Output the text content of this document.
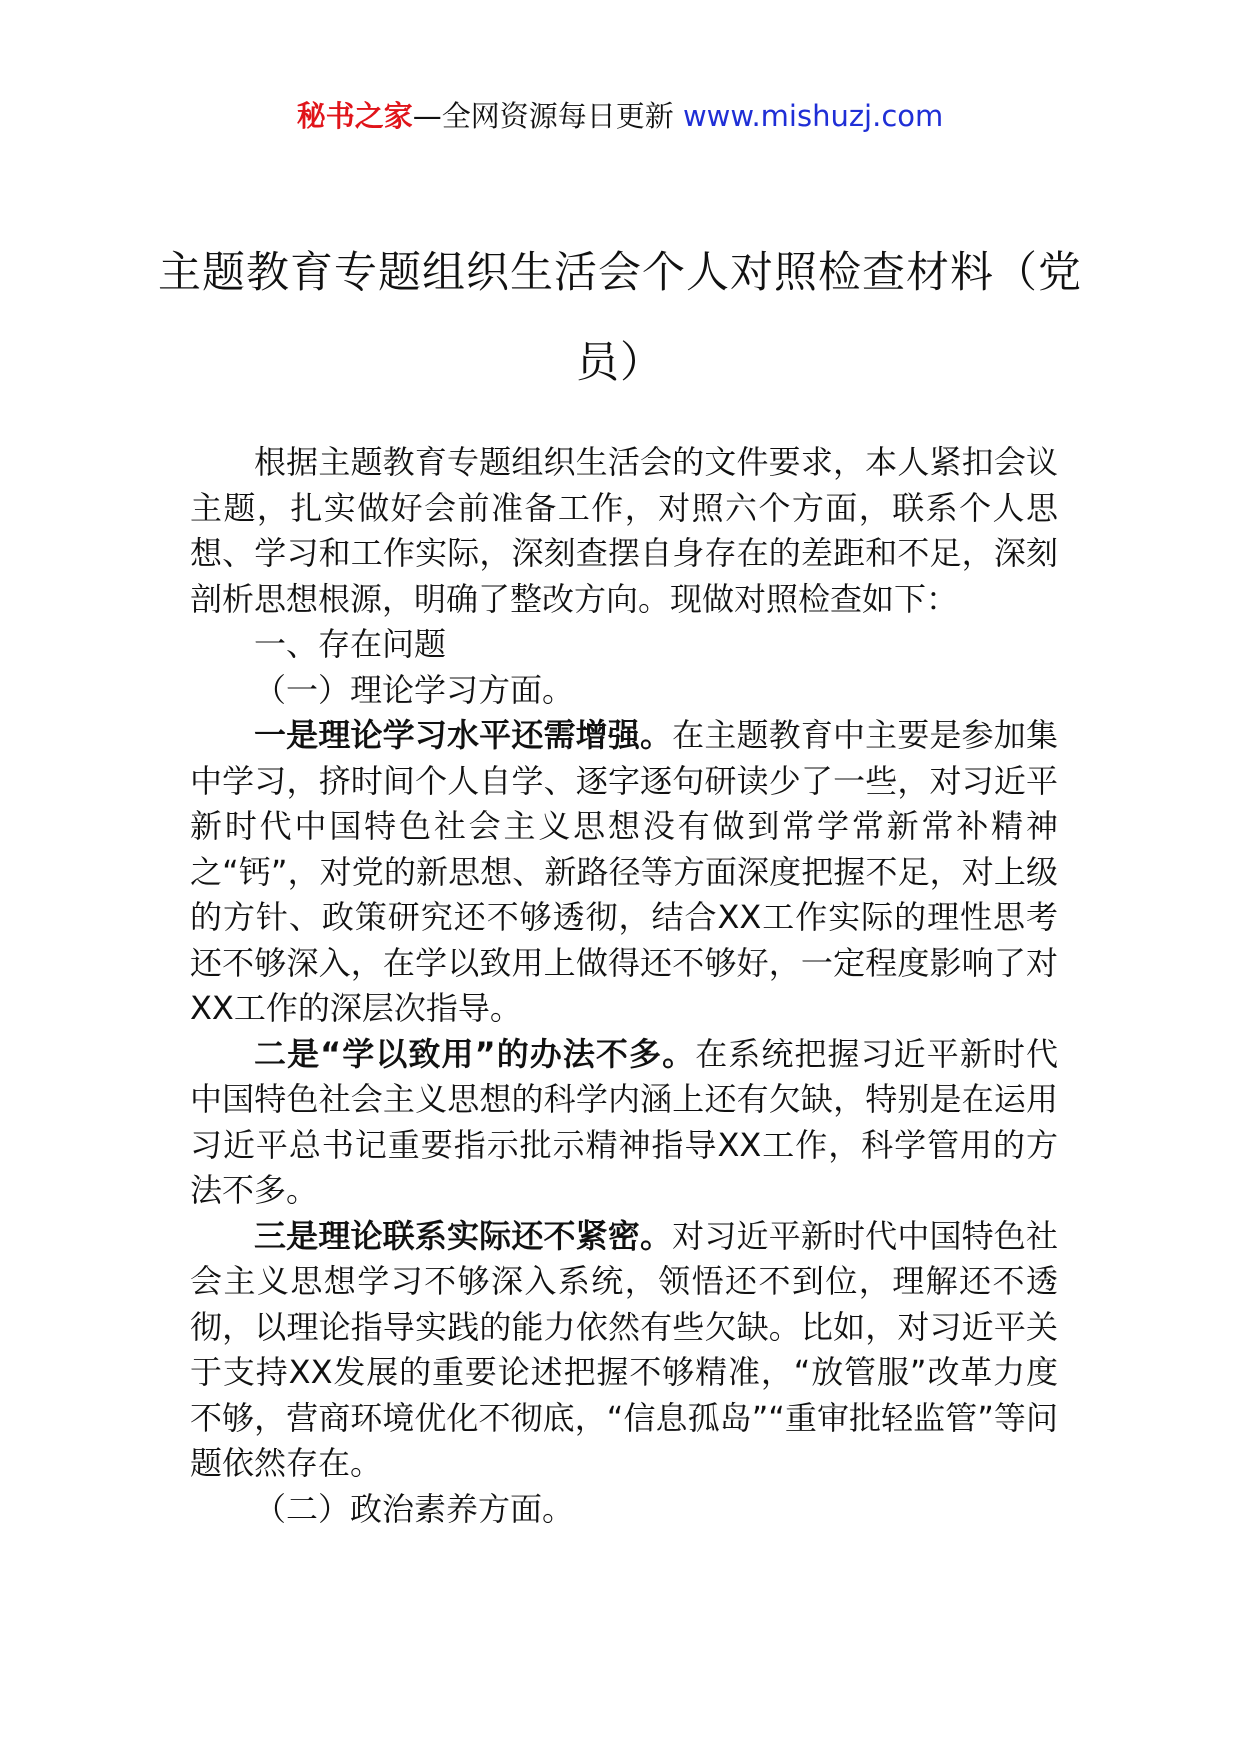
秘书之家—全网资源每日更新 www.mishuzj.com
主题教育专题组织生活会个人对照检查材料（党员）

根据主题教育专题组织生活会的文件要求，本人紧扣会议主题，扎实做好会前准备工作，对照六个方面，联系个人思想、学习和工作实际，深刻查摆自身存在的差距和不足，深刻剖析思想根源，明确了整改方向。现做对照检查如下：

一、存在问题

（一）理论学习方面。

一是理论学习水平还需增强。在主题教育中主要是参加集中学习，挤时间个人自学、逐字逐句研读少了一些，对习近平新时代中国特色社会主义思想没有做到常学常新常补精神之“钙”，对党的新思想、新路径等方面深度把握不足，对上级的方针、政策研究还不够透彻，结合XX工作实际的理性思考还不够深入，在学以致用上做得还不够好，一定程度影响了对XX工作的深层次指导。

二是“学以致用”的办法不多。在系统把握习近平新时代中国特色社会主义思想的科学内涵上还有欠缺，特别是在运用习近平总书记重要指示批示精神指导XX工作，科学管用的方法不多。

三是理论联系实际还不紧密。对习近平新时代中国特色社会主义思想学习不够深入系统，领悟还不到位，理解还不透彻，以理论指导实践的能力依然有些欠缺。比如，对习近平关于支持XX发展的重要论述把握不够精准，“放管服”改革力度不够，营商环境优化不彻底，“信息孤岛”“重审批轻监管”等问题依然存在。

（二）政治素养方面。
